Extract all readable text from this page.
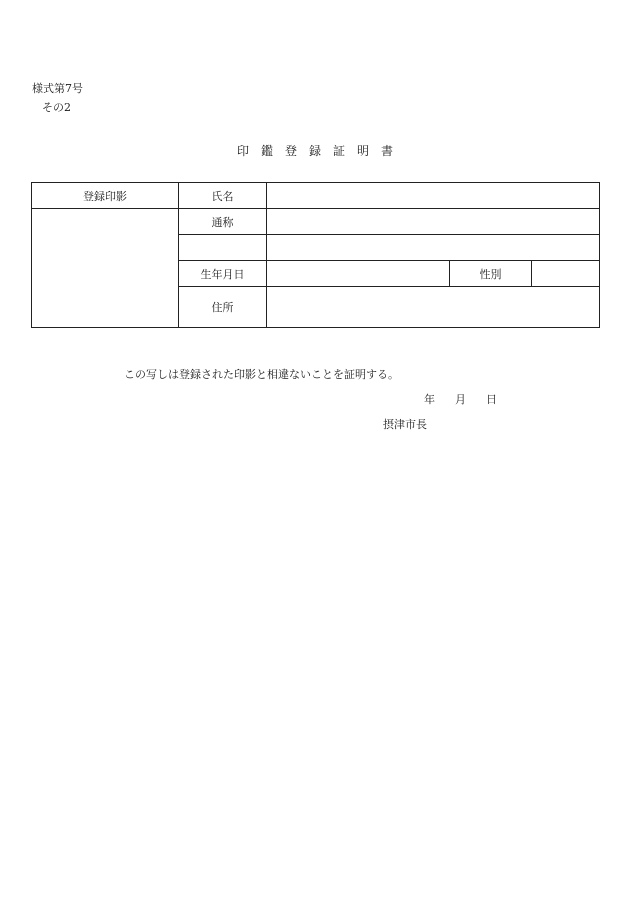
様式第7号
その2
印鑑登録証明書
登録印影	氏名			
	通称			

	生年月日		性別	
	住所			
この写しは登録された印影と相違ないことを証明する。
年 月 日
摂津市長
